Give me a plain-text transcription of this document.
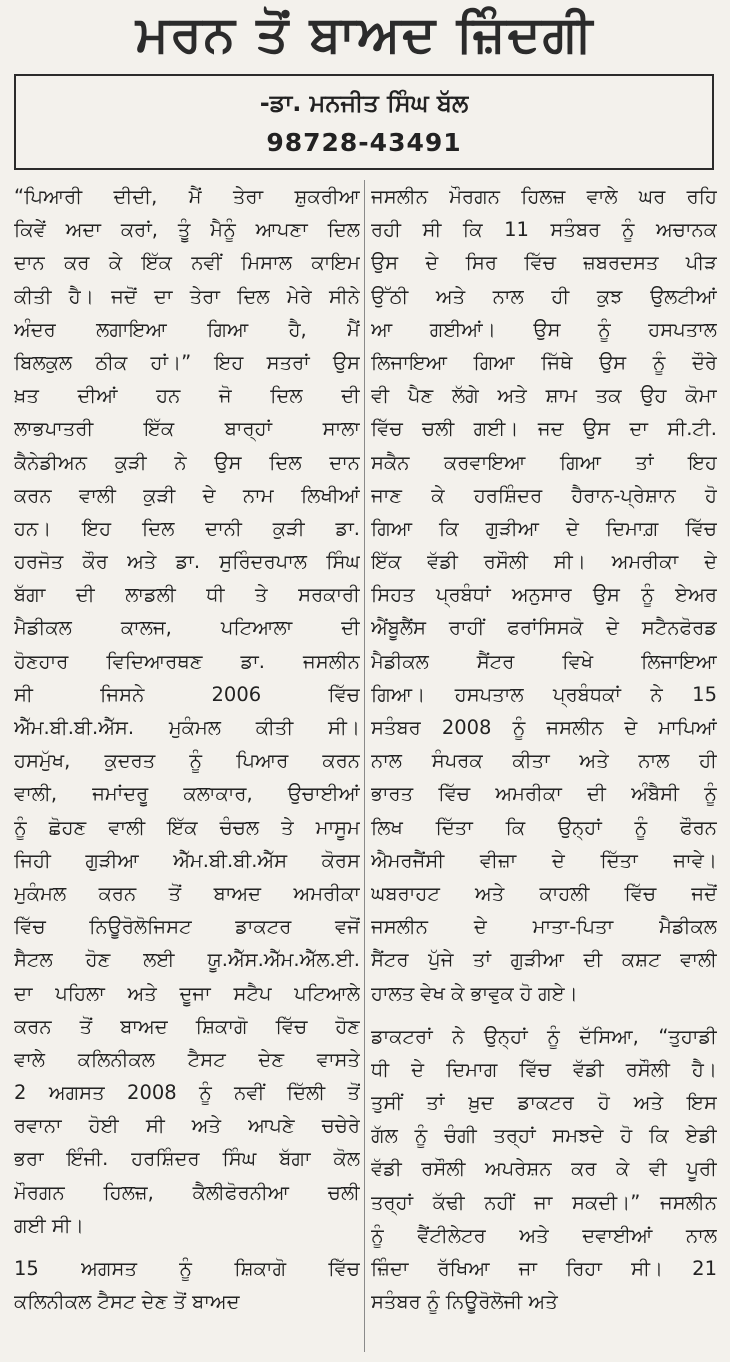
ਮਰਨ ਤੋਂ ਬਾਅਦ ਜ਼ਿੰਦਗੀ
-ਡਾ. ਮਨਜੀਤ ਸਿੰਘ ਬੱਲ
98728-43491
“ਪਿਆਰੀ ਦੀਦੀ, ਮੈਂ ਤੇਰਾ ਸ਼ੁਕਰੀਆ
ਕਿਵੇਂ ਅਦਾ ਕਰਾਂ, ਤੂੰ ਮੈਨੂੰ ਆਪਣਾ ਦਿਲ
ਦਾਨ ਕਰ ਕੇ ਇੱਕ ਨਵੀਂ ਮਿਸਾਲ ਕਾਇਮ
ਕੀਤੀ ਹੈ। ਜਦੋਂ ਦਾ ਤੇਰਾ ਦਿਲ ਮੇਰੇ ਸੀਨੇ
ਅੰਦਰ ਲਗਾਇਆ ਗਿਆ ਹੈ, ਮੈਂ
ਬਿਲਕੁਲ ਠੀਕ ਹਾਂ।” ਇਹ ਸਤਰਾਂ ਉਸ
ਖ਼ਤ ਦੀਆਂ ਹਨ ਜੋ ਦਿਲ ਦੀ
ਲਾਭਪਾਤਰੀ ਇੱਕ ਬਾਰ੍ਹਾਂ ਸਾਲਾ
ਕੈਨੇਡੀਅਨ ਕੁੜੀ ਨੇ ਉਸ ਦਿਲ ਦਾਨ
ਕਰਨ ਵਾਲੀ ਕੁੜੀ ਦੇ ਨਾਮ ਲਿਖੀਆਂ
ਹਨ। ਇਹ ਦਿਲ ਦਾਨੀ ਕੁੜੀ ਡਾ.
ਹਰਜੋਤ ਕੌਰ ਅਤੇ ਡਾ. ਸੁਰਿੰਦਰਪਾਲ ਸਿੰਘ
ਬੱਗਾ ਦੀ ਲਾਡਲੀ ਧੀ ਤੇ ਸਰਕਾਰੀ
ਮੈਡੀਕਲ ਕਾਲਜ, ਪਟਿਆਲਾ ਦੀ
ਹੋਣਹਾਰ ਵਿਦਿਆਰਥਣ ਡਾ. ਜਸਲੀਨ
ਸੀ ਜਿਸਨੇ 2006 ਵਿੱਚ
ਐੱਮ.ਬੀ.ਬੀ.ਐੱਸ. ਮੁਕੰਮਲ ਕੀਤੀ ਸੀ।
ਹਸਮੁੱਖ, ਕੁਦਰਤ ਨੂੰ ਪਿਆਰ ਕਰਨ
ਵਾਲੀ, ਜਮਾਂਦਰੂ ਕਲਾਕਾਰ, ਉਚਾਈਆਂ
ਨੂੰ ਛੋਹਣ ਵਾਲੀ ਇੱਕ ਚੰਚਲ ਤੇ ਮਾਸੂਮ
ਜਿਹੀ ਗੁੜੀਆ ਐੱਮ.ਬੀ.ਬੀ.ਐੱਸ ਕੋਰਸ
ਮੁਕੰਮਲ ਕਰਨ ਤੋਂ ਬਾਅਦ ਅਮਰੀਕਾ
ਵਿੱਚ ਨਿਊਰੋਲੋਜਿਸਟ ਡਾਕਟਰ ਵਜੋਂ
ਸੈਟਲ ਹੋਣ ਲਈ ਯੂ.ਐੱਸ.ਐੱਮ.ਐੱਲ.ਈ.
ਦਾ ਪਹਿਲਾ ਅਤੇ ਦੂਜਾ ਸਟੈਪ ਪਟਿਆਲੇ
ਕਰਨ ਤੋਂ ਬਾਅਦ ਸ਼ਿਕਾਗੋ ਵਿੱਚ ਹੋਣ
ਵਾਲੇ ਕਲਿਨੀਕਲ ਟੈਸਟ ਦੇਣ ਵਾਸਤੇ
2 ਅਗਸਤ 2008 ਨੂੰ ਨਵੀਂ ਦਿੱਲੀ ਤੋਂ
ਰਵਾਨਾ ਹੋਈ ਸੀ ਅਤੇ ਆਪਣੇ ਚਚੇਰੇ
ਭਰਾ ਇੰਜੀ. ਹਰਸ਼ਿੰਦਰ ਸਿੰਘ ਬੱਗਾ ਕੋਲ
ਮੌਰਗਨ ਹਿਲਜ਼, ਕੈਲੀਫੋਰਨੀਆ ਚਲੀ
ਗਈ ਸੀ।
15 ਅਗਸਤ ਨੂੰ ਸ਼ਿਕਾਗੋ ਵਿੱਚ
ਕਲਿਨੀਕਲ ਟੈਸਟ ਦੇਣ ਤੋਂ ਬਾਅਦ
ਜਸਲੀਨ ਮੌਰਗਨ ਹਿਲਜ਼ ਵਾਲੇ ਘਰ ਰਹਿ
ਰਹੀ ਸੀ ਕਿ 11 ਸਤੰਬਰ ਨੂੰ ਅਚਾਨਕ
ਉਸ ਦੇ ਸਿਰ ਵਿੱਚ ਜ਼ਬਰਦਸਤ ਪੀੜ
ਉੱਠੀ ਅਤੇ ਨਾਲ ਹੀ ਕੁਝ ਉਲਟੀਆਂ
ਆ ਗਈਆਂ। ਉਸ ਨੂੰ ਹਸਪਤਾਲ
ਲਿਜਾਇਆ ਗਿਆ ਜਿੱਥੇ ਉਸ ਨੂੰ ਦੌਰੇ
ਵੀ ਪੈਣ ਲੱਗੇ ਅਤੇ ਸ਼ਾਮ ਤਕ ਉਹ ਕੋਮਾ
ਵਿੱਚ ਚਲੀ ਗਈ। ਜਦ ਉਸ ਦਾ ਸੀ.ਟੀ.
ਸਕੈਨ ਕਰਵਾਇਆ ਗਿਆ ਤਾਂ ਇਹ
ਜਾਣ ਕੇ ਹਰਸ਼ਿੰਦਰ ਹੈਰਾਨ-ਪ੍ਰੇਸ਼ਾਨ ਹੋ
ਗਿਆ ਕਿ ਗੁੜੀਆ ਦੇ ਦਿਮਾਗ਼ ਵਿੱਚ
ਇੱਕ ਵੱਡੀ ਰਸੌਲੀ ਸੀ। ਅਮਰੀਕਾ ਦੇ
ਸਿਹਤ ਪ੍ਰਬੰਧਾਂ ਅਨੁਸਾਰ ਉਸ ਨੂੰ ਏਅਰ
ਐਂਬੂਲੈਂਸ ਰਾਹੀਂ ਫਰਾਂਸਿਸਕੋ ਦੇ ਸਟੈਨਫੋਰਡ
ਮੈਡੀਕਲ ਸੈਂਟਰ ਵਿਖੇ ਲਿਜਾਇਆ
ਗਿਆ। ਹਸਪਤਾਲ ਪ੍ਰਬੰਧਕਾਂ ਨੇ 15
ਸਤੰਬਰ 2008 ਨੂੰ ਜਸਲੀਨ ਦੇ ਮਾਪਿਆਂ
ਨਾਲ ਸੰਪਰਕ ਕੀਤਾ ਅਤੇ ਨਾਲ ਹੀ
ਭਾਰਤ ਵਿੱਚ ਅਮਰੀਕਾ ਦੀ ਅੰਬੈਸੀ ਨੂੰ
ਲਿਖ ਦਿੱਤਾ ਕਿ ਉਨ੍ਹਾਂ ਨੂੰ ਫੌਰਨ
ਐਮਰਜੈਂਸੀ ਵੀਜ਼ਾ ਦੇ ਦਿੱਤਾ ਜਾਵੇ।
ਘਬਰਾਹਟ ਅਤੇ ਕਾਹਲੀ ਵਿੱਚ ਜਦੋਂ
ਜਸਲੀਨ ਦੇ ਮਾਤਾ-ਪਿਤਾ ਮੈਡੀਕਲ
ਸੈਂਟਰ ਪੁੱਜੇ ਤਾਂ ਗੁੜੀਆ ਦੀ ਕਸ਼ਟ ਵਾਲੀ
ਹਾਲਤ ਵੇਖ ਕੇ ਭਾਵੁਕ ਹੋ ਗਏ।
ਡਾਕਟਰਾਂ ਨੇ ਉਨ੍ਹਾਂ ਨੂੰ ਦੱਸਿਆ, “ਤੁਹਾਡੀ
ਧੀ ਦੇ ਦਿਮਾਗ ਵਿੱਚ ਵੱਡੀ ਰਸੌਲੀ ਹੈ।
ਤੁਸੀਂ ਤਾਂ ਖ਼ੁਦ ਡਾਕਟਰ ਹੋ ਅਤੇ ਇਸ
ਗੱਲ ਨੂੰ ਚੰਗੀ ਤਰ੍ਹਾਂ ਸਮਝਦੇ ਹੋ ਕਿ ਏਡੀ
ਵੱਡੀ ਰਸੌਲੀ ਅਪਰੇਸ਼ਨ ਕਰ ਕੇ ਵੀ ਪੂਰੀ
ਤਰ੍ਹਾਂ ਕੱਢੀ ਨਹੀਂ ਜਾ ਸਕਦੀ।” ਜਸਲੀਨ
ਨੂੰ ਵੈਂਟੀਲੇਟਰ ਅਤੇ ਦਵਾਈਆਂ ਨਾਲ
ਜ਼ਿੰਦਾ ਰੱਖਿਆ ਜਾ ਰਿਹਾ ਸੀ। 21
ਸਤੰਬਰ ਨੂੰ ਨਿਊਰੋਲੋਜੀ ਅਤੇ
